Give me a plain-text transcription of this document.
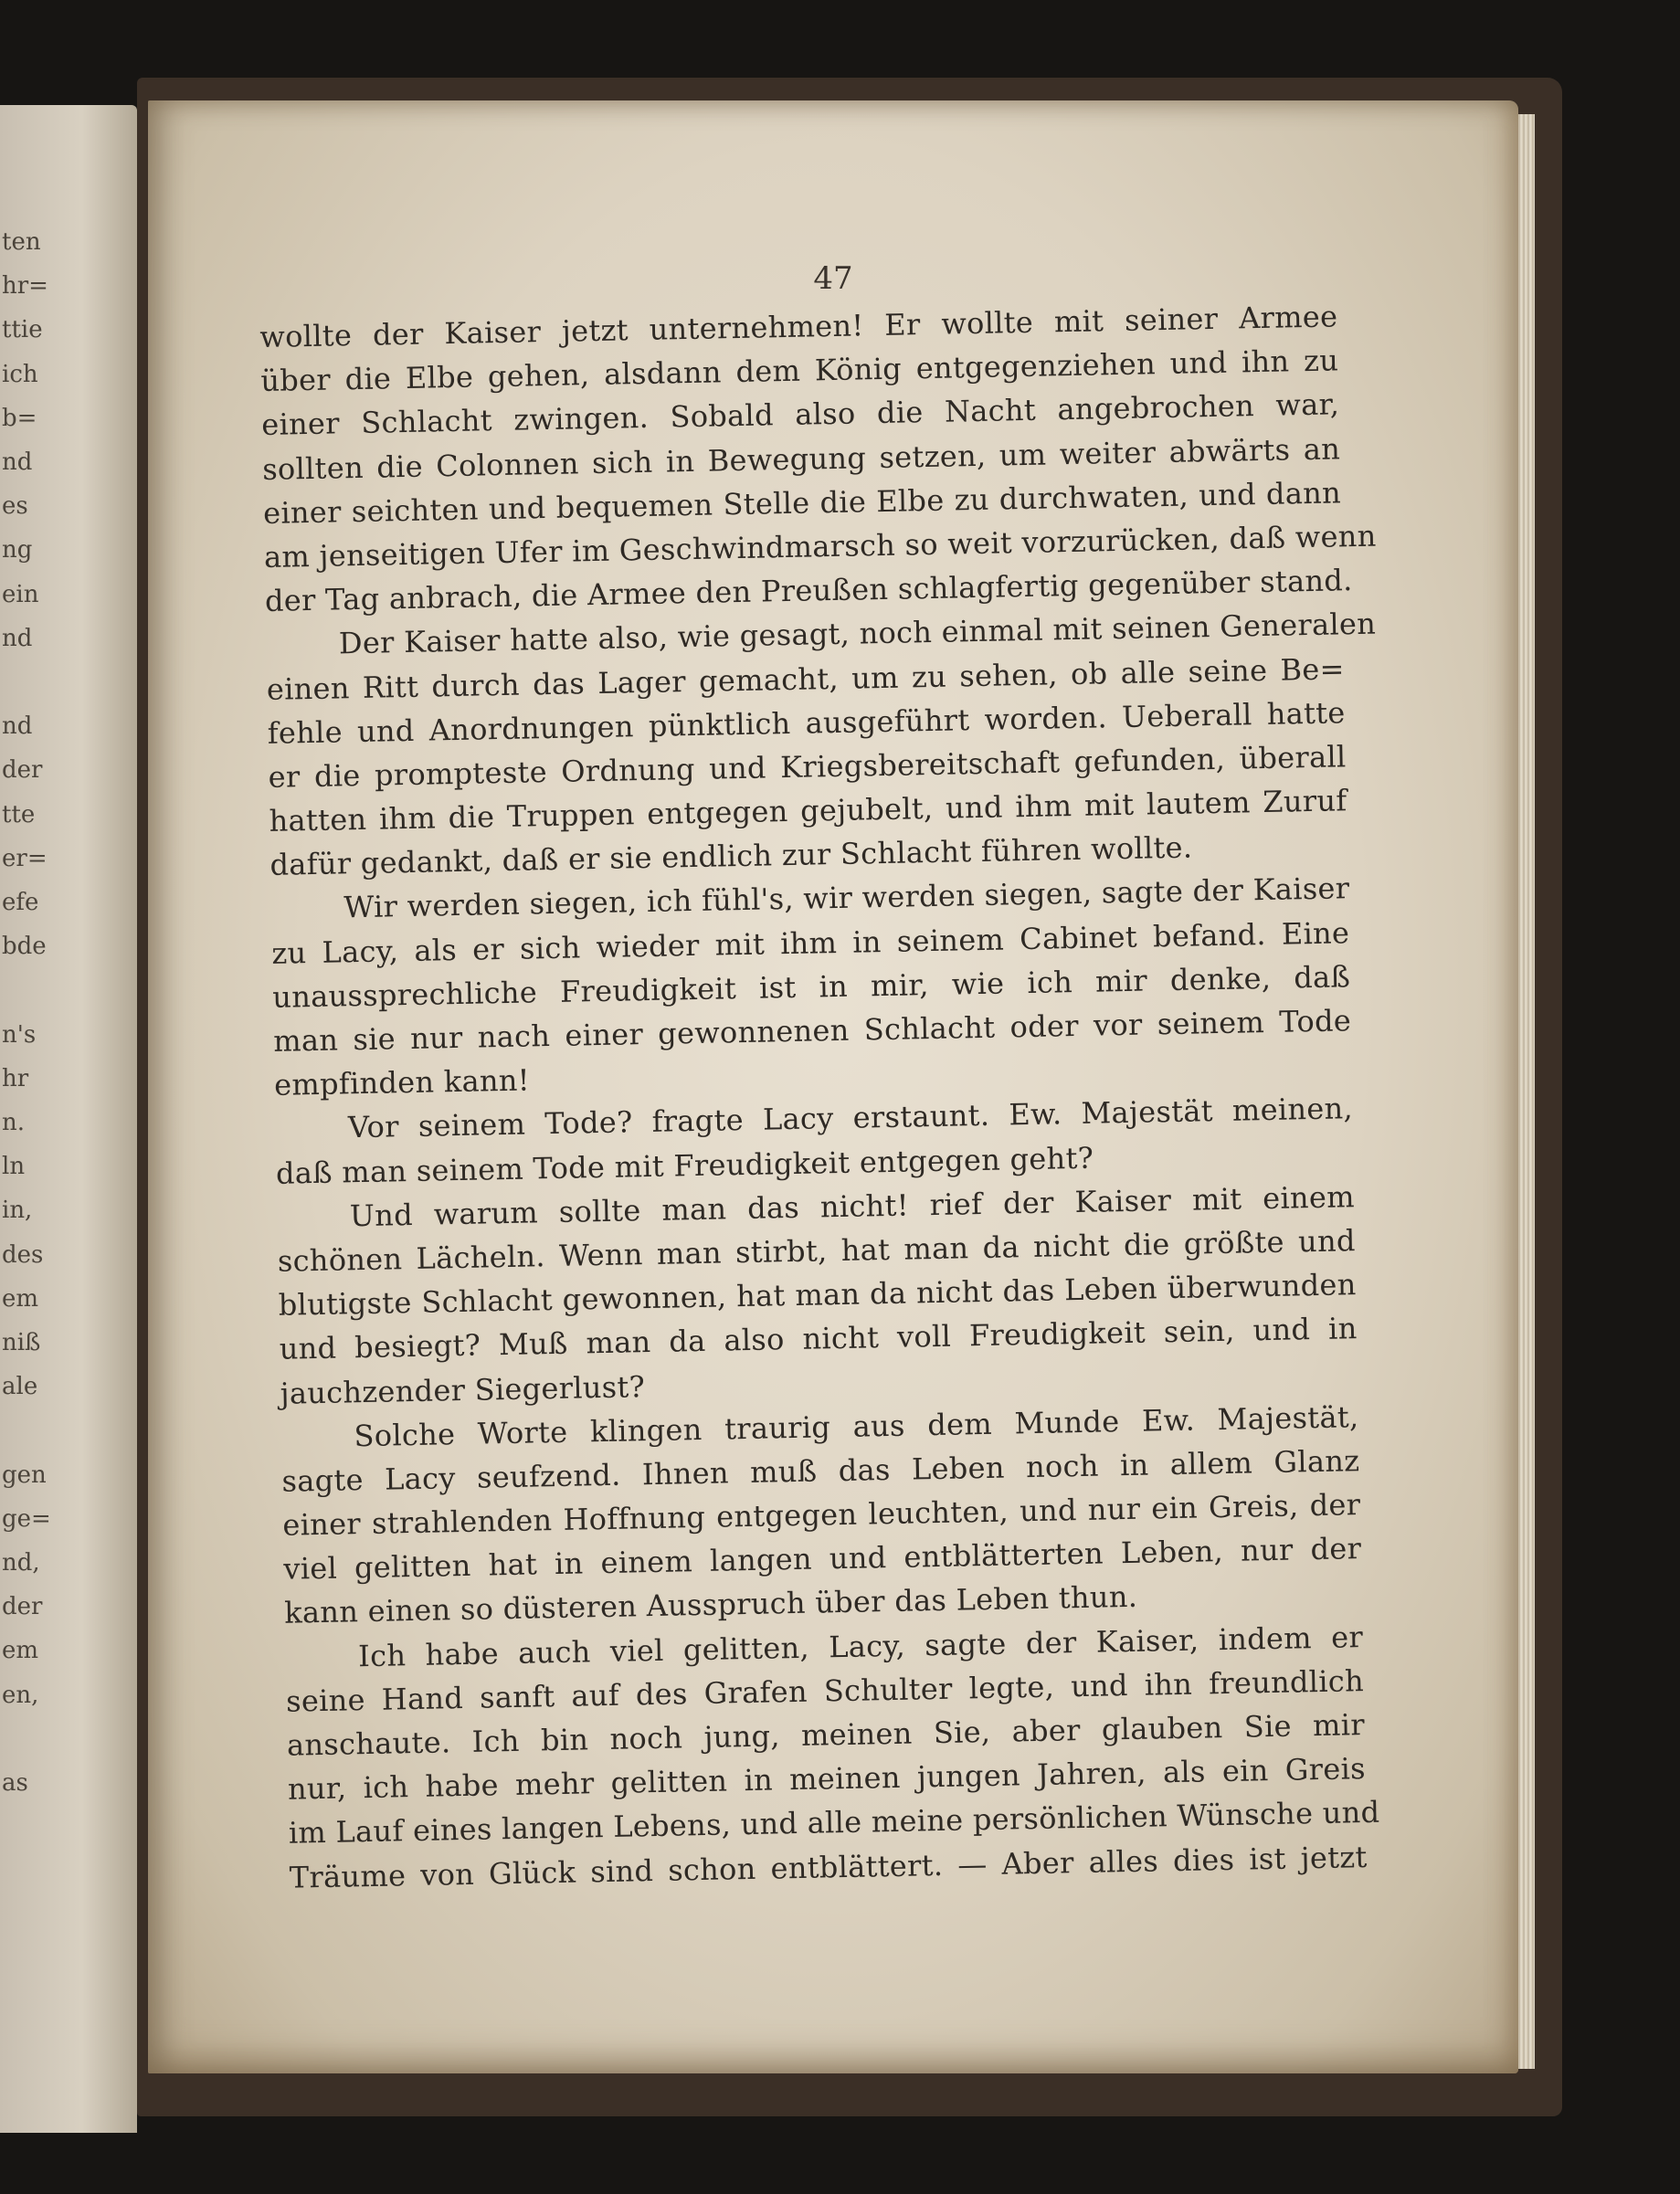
ten
hr=
ttie
ich
b=
nd
es
ng
ein
nd
nd
der
tte
er=
efe
bde
n's
hr
n.
ln
in,
des
em
niß
ale
gen
ge=
nd,
der
em
en,
as
47
wollte der Kaiser jetzt unternehmen! Er wollte mit seiner Armee
über die Elbe gehen, alsdann dem König entgegenziehen und ihn zu
einer Schlacht zwingen. Sobald also die Nacht angebrochen war,
sollten die Colonnen sich in Bewegung setzen, um weiter abwärts an
einer seichten und bequemen Stelle die Elbe zu durchwaten, und dann
am jenseitigen Ufer im Geschwindmarsch so weit vorzurücken, daß wenn
der Tag anbrach, die Armee den Preußen schlagfertig gegenüber stand.
Der Kaiser hatte also, wie gesagt, noch einmal mit seinen Generalen
einen Ritt durch das Lager gemacht, um zu sehen, ob alle seine Be=
fehle und Anordnungen pünktlich ausgeführt worden. Ueberall hatte
er die prompteste Ordnung und Kriegsbereitschaft gefunden, überall
hatten ihm die Truppen entgegen gejubelt, und ihm mit lautem Zuruf
dafür gedankt, daß er sie endlich zur Schlacht führen wollte.
Wir werden siegen, ich fühl's, wir werden siegen, sagte der Kaiser
zu Lacy, als er sich wieder mit ihm in seinem Cabinet befand. Eine
unaussprechliche Freudigkeit ist in mir, wie ich mir denke, daß
man sie nur nach einer gewonnenen Schlacht oder vor seinem Tode
empfinden kann!
Vor seinem Tode? fragte Lacy erstaunt. Ew. Majestät meinen,
daß man seinem Tode mit Freudigkeit entgegen geht?
Und warum sollte man das nicht! rief der Kaiser mit einem
schönen Lächeln. Wenn man stirbt, hat man da nicht die größte und
blutigste Schlacht gewonnen, hat man da nicht das Leben überwunden
und besiegt? Muß man da also nicht voll Freudigkeit sein, und in
jauchzender Siegerlust?
Solche Worte klingen traurig aus dem Munde Ew. Majestät,
sagte Lacy seufzend. Ihnen muß das Leben noch in allem Glanz
einer strahlenden Hoffnung entgegen leuchten, und nur ein Greis, der
viel gelitten hat in einem langen und entblätterten Leben, nur der
kann einen so düsteren Ausspruch über das Leben thun.
Ich habe auch viel gelitten, Lacy, sagte der Kaiser, indem er
seine Hand sanft auf des Grafen Schulter legte, und ihn freundlich
anschaute. Ich bin noch jung, meinen Sie, aber glauben Sie mir
nur, ich habe mehr gelitten in meinen jungen Jahren, als ein Greis
im Lauf eines langen Lebens, und alle meine persönlichen Wünsche und
Träume von Glück sind schon entblättert. — Aber alles dies ist jetzt
